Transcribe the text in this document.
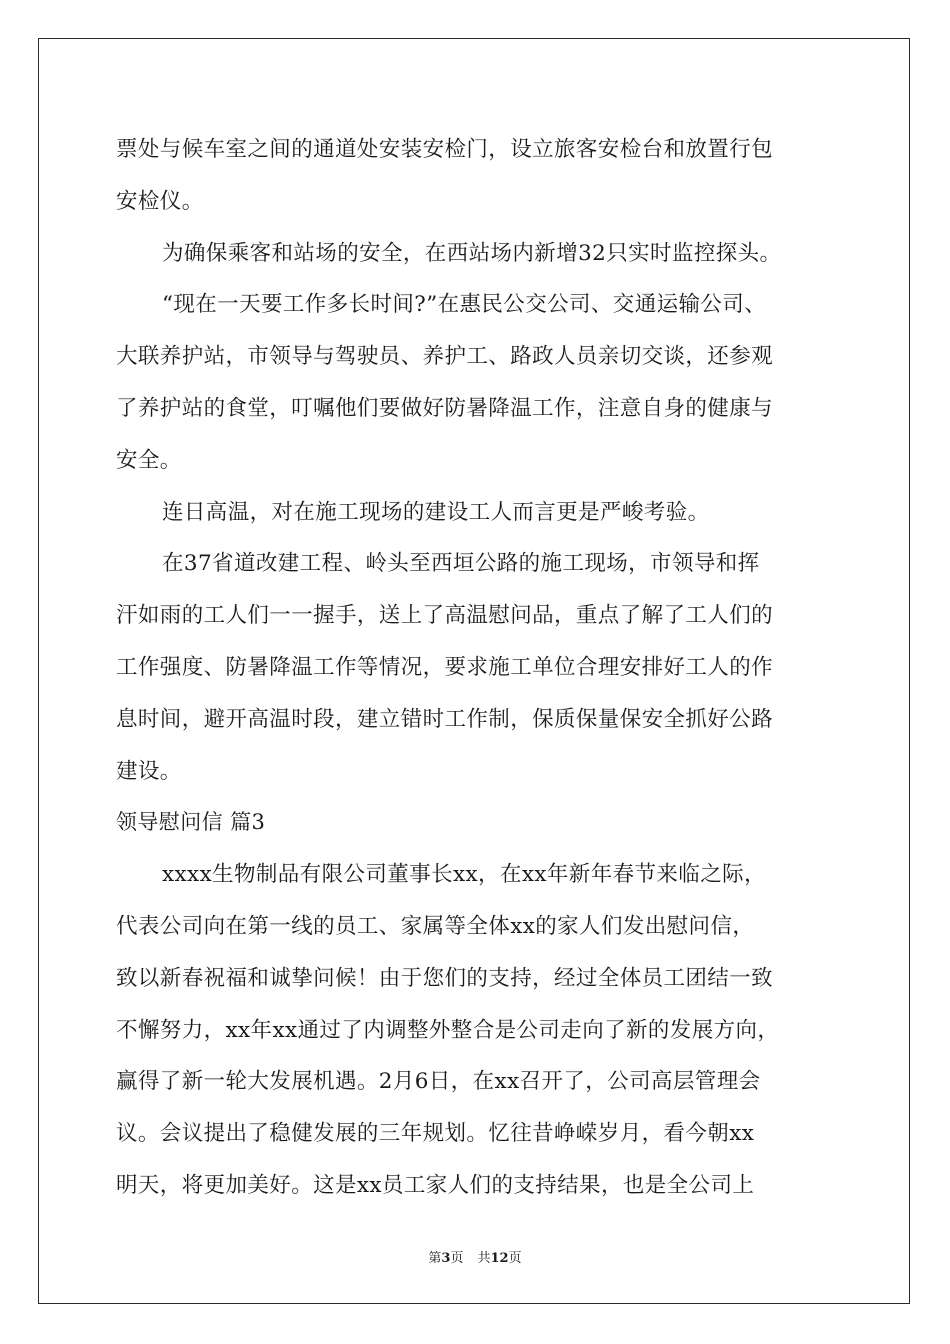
票处与候车室之间的通道处安装安检门，设立旅客安检台和放置行包
安检仪。
为确保乘客和站场的安全，在西站场内新增32只实时监控探头。
“现在一天要工作多长时间?”在惠民公交公司、交通运输公司、
大联养护站，市领导与驾驶员、养护工、路政人员亲切交谈，还参观
了养护站的食堂，叮嘱他们要做好防暑降温工作，注意自身的健康与
安全。
连日高温，对在施工现场的建设工人而言更是严峻考验。
在37省道改建工程、岭头至西垣公路的施工现场，市领导和挥
汗如雨的工人们一一握手，送上了高温慰问品，重点了解了工人们的
工作强度、防暑降温工作等情况，要求施工单位合理安排好工人的作
息时间，避开高温时段，建立错时工作制，保质保量保安全抓好公路
建设。
领导慰问信 篇3
xxxx生物制品有限公司董事长xx，在xx年新年春节来临之际，
代表公司向在第一线的员工、家属等全体xx的家人们发出慰问信，
致以新春祝福和诚挚问候！由于您们的支持，经过全体员工团结一致
不懈努力，xx年xx通过了内调整外整合是公司走向了新的发展方向，
赢得了新一轮大发展机遇。2月6日，在xx召开了，公司高层管理会
议。会议提出了稳健发展的三年规划。忆往昔峥嵘岁月，看今朝xx
明天，将更加美好。这是xx员工家人们的支持结果，也是全公司上
第3页 共12页
